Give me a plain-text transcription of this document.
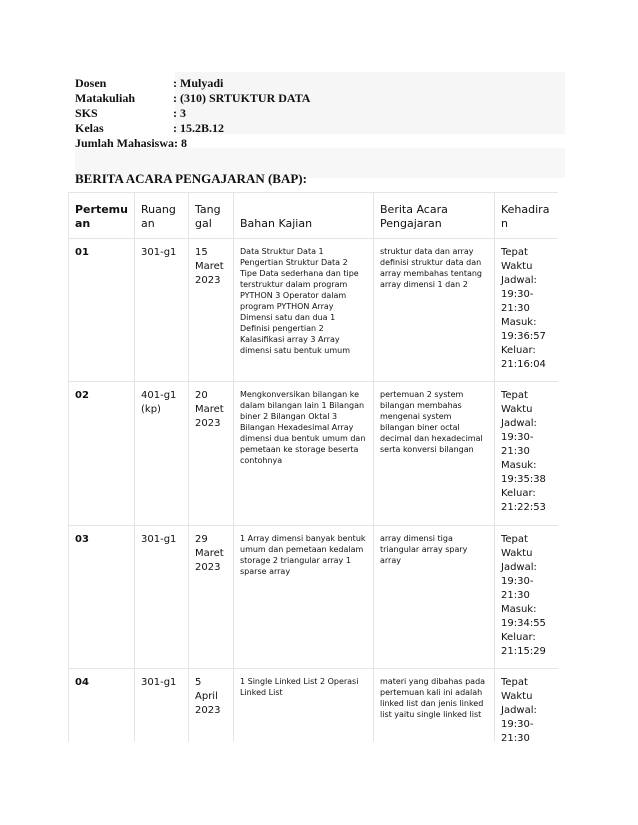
Dosen	: Mulyadi
Matakuliah	: (310) SRTUKTUR DATA
SKS	: 3
Kelas	: 15.2B.12
Jumlah Mahasiswa : 8
BERITA ACARA PENGAJARAN (BAP):
Pertemuan	Ruangan	Tanggal	Bahan Kajian	Berita Acara Pengajaran	Kehadiran
01	301-g1	15 Maret 2023	Data Struktur Data 1 Pengertian Struktur Data 2 Tipe Data sederhana dan tipe terstruktur dalam program PYTHON 3 Operator dalam program PYTHON Array Dimensi satu dan dua 1 Definisi pengertian 2 Kalasifikasi array 3 Array dimensi satu bentuk umum	struktur data dan array definisi struktur data dan array membahas tentang array dimensi 1 dan 2	Tepat Waktu Jadwal: 19:30-21:30 Masuk: 19:36:57 Keluar: 21:16:04
02	401-g1 (kp)	20 Maret 2023	Mengkonversikan bilangan ke dalam bilangan lain 1 Bilangan biner 2 Bilangan Oktal 3 Bilangan Hexadesimal Array dimensi dua bentuk umum dan pemetaan ke storage beserta contohnya	pertemuan 2 system bilangan membahas mengenai system bilangan biner octal decimal dan hexadecimal serta konversi bilangan	Tepat Waktu Jadwal: 19:30-21:30 Masuk: 19:35:38 Keluar: 21:22:53
03	301-g1	29 Maret 2023	1 Array dimensi banyak bentuk umum dan pemetaan kedalam storage 2 triangular array 1 sparse array	array dimensi tiga triangular array spary array	Tepat Waktu Jadwal: 19:30-21:30 Masuk: 19:34:55 Keluar: 21:15:29
04	301-g1	5 April 2023	1 Single Linked List 2 Operasi Linked List	materi yang dibahas pada pertemuan kali ini adalah linked list dan jenis linked list yaitu single linked list	Tepat Waktu Jadwal: 19:30-21:30
